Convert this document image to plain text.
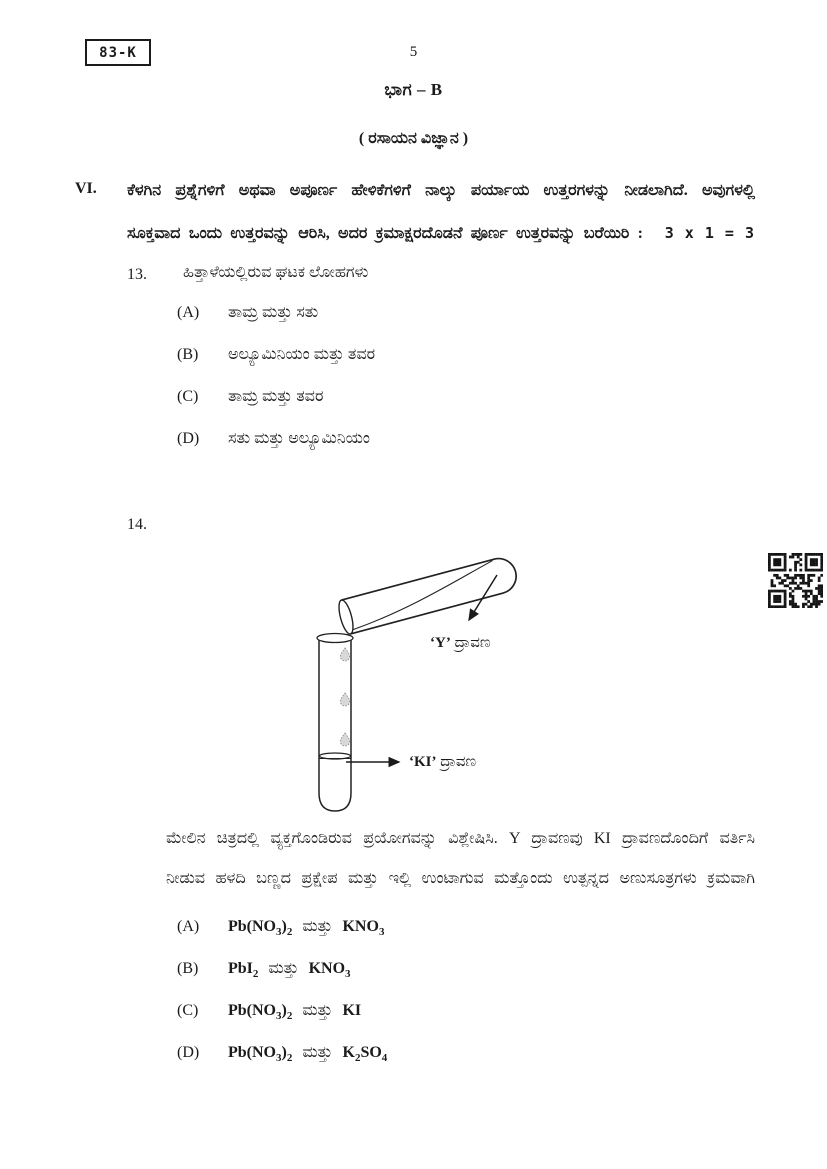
83-K	5
ಭಾಗ – B
( ರಸಾಯನ ವಿಜ್ಞಾನ )
VI. ಕೆಳಗಿನ ಪ್ರಶ್ನೆಗಳಿಗೆ ಅಥವಾ ಅಪೂರ್ಣ ಹೇಳಿಕೆಗಳಿಗೆ ನಾಲ್ಕು ಪರ್ಯಾಯ ಉತ್ತರಗಳನ್ನು ನೀಡಲಾಗಿದೆ. ಅವುಗಳಲ್ಲಿ
ಸೂಕ್ತವಾದ ಒಂದು ಉತ್ತರವನ್ನು ಆರಿಸಿ, ಅದರ ಕ್ರಮಾಕ್ಷರದೊಡನೆ ಪೂರ್ಣ ಉತ್ತರವನ್ನು ಬರೆಯಿರಿ : 3 x 1 = 3
13. ಹಿತ್ತಾಳೆಯಲ್ಲಿರುವ ಘಟಕ ಲೋಹಗಳು
(A)	ತಾಮ್ರ ಮತ್ತು ಸತು
(B)	ಅಲ್ಯೂಮಿನಿಯಂ ಮತ್ತು ತವರ
(C)	ತಾಮ್ರ ಮತ್ತು ತವರ
(D)	ಸತು ಮತ್ತು ಅಲ್ಯೂಮಿನಿಯಂ
14.
‘Y’ ದ್ರಾವಣ
‘KI’ ದ್ರಾವಣ
ಮೇಲಿನ ಚಿತ್ರದಲ್ಲಿ ವ್ಯಕ್ತಗೊಂಡಿರುವ ಪ್ರಯೋಗವನ್ನು ವಿಶ್ಲೇಷಿಸಿ. Y ದ್ರಾವಣವು KI ದ್ರಾವಣದೊಂದಿಗೆ ವರ್ತಿಸಿ
ನೀಡುವ ಹಳದಿ ಬಣ್ಣದ ಪ್ರಕ್ಷೇಪ ಮತ್ತು ಇಲ್ಲಿ ಉಂಟಾಗುವ ಮತ್ತೊಂದು ಉತ್ಪನ್ನದ ಅಣುಸೂತ್ರಗಳು ಕ್ರಮವಾಗಿ
(A)	$Pb(NO_3)_2$ ಮತ್ತು $KNO_3$
(B)	PbI$_2$ ಮತ್ತು $KNO_3$
(C)	$Pb(NO_3)_2$ ಮತ್ತು KI
(D)	$Pb(NO_3)_2$ ಮತ್ತು $K_2SO_4$
